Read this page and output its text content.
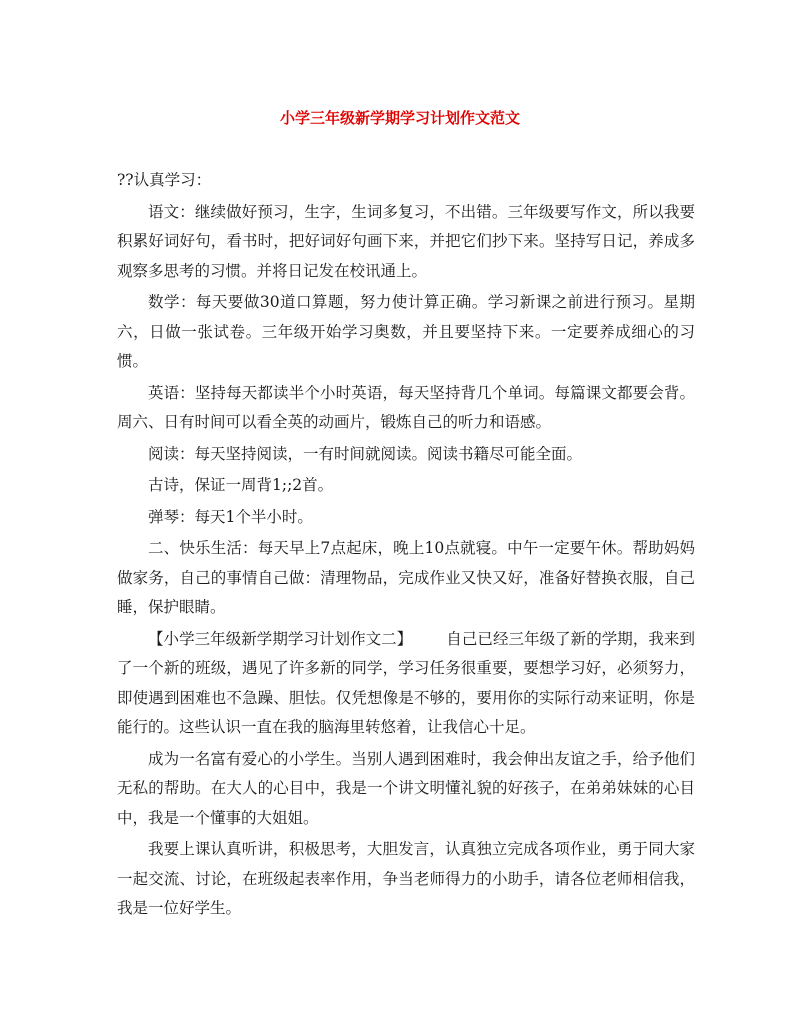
小学三年级新学期学习计划作文范文

??认真学习：

语文：继续做好预习，生字，生词多复习，不出错。三年级要写作文，所以我要积累好词好句，看书时，把好词好句画下来，并把它们抄下来。坚持写日记，养成多观察多思考的习惯。并将日记发在校讯通上。

数学：每天要做30道口算题，努力使计算正确。学习新课之前进行预习。星期六，日做一张试卷。三年级开始学习奥数，并且要坚持下来。一定要养成细心的习惯。

英语：坚持每天都读半个小时英语，每天坚持背几个单词。每篇课文都要会背。周六、日有时间可以看全英的动画片，锻炼自己的听力和语感。

阅读：每天坚持阅读，一有时间就阅读。阅读书籍尽可能全面。

古诗，保证一周背1;;2首。

弹琴：每天1个半小时。

二、快乐生活：每天早上7点起床，晚上10点就寝。中午一定要午休。帮助妈妈做家务，自己的事情自己做：清理物品，完成作业又快又好，准备好替换衣服，自己睡，保护眼睛。

【小学三年级新学期学习计划作文二】 自己已经三年级了新的学期，我来到了一个新的班级，遇见了许多新的同学，学习任务很重要，要想学习好，必须努力，即使遇到困难也不急躁、胆怯。仅凭想像是不够的，要用你的实际行动来证明，你是能行的。这些认识一直在我的脑海里转悠着，让我信心十足。

成为一名富有爱心的小学生。当别人遇到困难时，我会伸出友谊之手，给予他们无私的帮助。在大人的心目中，我是一个讲文明懂礼貌的好孩子，在弟弟妹妹的心目中，我是一个懂事的大姐姐。

我要上课认真听讲，积极思考，大胆发言，认真独立完成各项作业，勇于同大家一起交流、讨论，在班级起表率作用，争当老师得力的小助手，请各位老师相信我，我是一位好学生。
